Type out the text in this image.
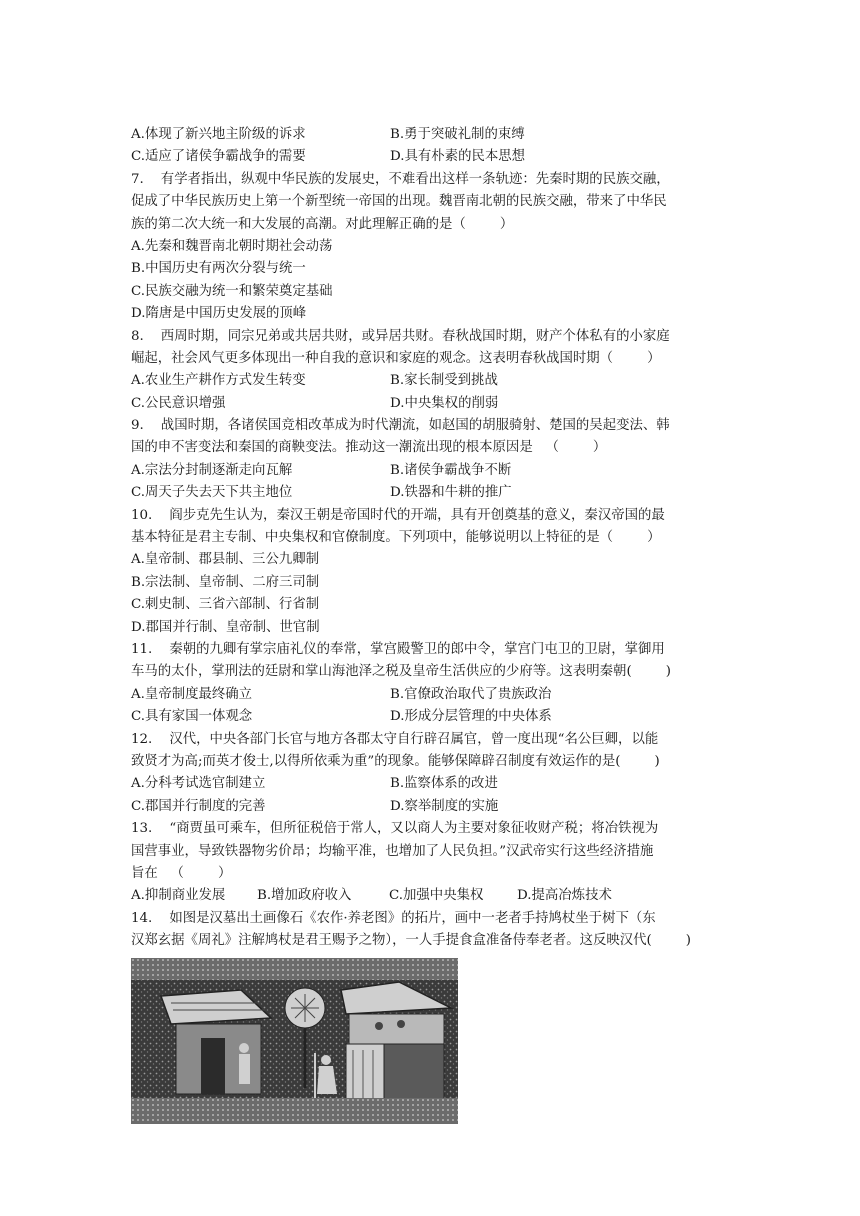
A.体现了新兴地主阶级的诉求	B.勇于突破礼制的束缚
C.适应了诸侯争霸战争的需要	D.具有朴素的民本思想
7.    有学者指出，纵观中华民族的发展史，不难看出这样一条轨迹：先秦时期的民族交融，
促成了中华民族历史上第一个新型统一帝国的出现。魏晋南北朝的民族交融，带来了中华民
族的第二次大统一和大发展的高潮。对此理解正确的是（        ）
A.先秦和魏晋南北朝时期社会动荡
B.中国历史有两次分裂与统一
C.民族交融为统一和繁荣奠定基础
D.隋唐是中国历史发展的顶峰
8.    西周时期，同宗兄弟或共居共财，或异居共财。春秋战国时期，财产个体私有的小家庭
崛起，社会风气更多体现出一种自我的意识和家庭的观念。这表明春秋战国时期（        ）
A.农业生产耕作方式发生转变	B.家长制受到挑战
C.公民意识增强	D.中央集权的削弱
9.    战国时期，各诸侯国竞相改革成为时代潮流，如赵国的胡服骑射、楚国的吴起变法、韩
国的申不害变法和秦国的商鞅变法。推动这一潮流出现的根本原因是   （        ）
A.宗法分封制逐渐走向瓦解	B.诸侯争霸战争不断
C.周天子失去天下共主地位	D.铁器和牛耕的推广
10.    阎步克先生认为，秦汉王朝是帝国时代的开端，具有开创奠基的意义，秦汉帝国的最
基本特征是君主专制、中央集权和官僚制度。下列项中，能够说明以上特征的是（        ）
A.皇帝制、郡县制、三公九卿制
B.宗法制、皇帝制、二府三司制
C.刺史制、三省六部制、行省制
D.郡国并行制、皇帝制、世官制
11.    秦朝的九卿有掌宗庙礼仪的奉常，掌宫殿警卫的郎中令，掌宫门屯卫的卫尉，掌御用
车马的太仆，掌刑法的廷尉和掌山海池泽之税及皇帝生活供应的少府等。这表明秦朝(        )
A.皇帝制度最终确立	B.官僚政治取代了贵族政治
C.具有家国一体观念	D.形成分层管理的中央体系
12.    汉代，中央各部门长官与地方各郡太守自行辟召属官，曾一度出现“名公巨卿，以能
致贤才为高;而英才俊士,以得所依乘为重”的现象。能够保障辟召制度有效运作的是(        )
A.分科考试选官制建立	B.监察体系的改进
C.郡国并行制度的完善	D.察举制度的实施
13.    “商贾虽可乘车，但所征税倍于常人，又以商人为主要对象征收财产税；将冶铁视为
国营事业，导致铁器物劣价昂；均输平准，也增加了人民负担。”汉武帝实行这些经济措施
旨在   （        ）
A.抑制商业发展	B.增加政府收入	C.加强中央集权	D.提高冶炼技术
14.    如图是汉墓出土画像石《农作·养老图》的拓片，画中一老者手持鸠杖坐于树下（东
汉郑玄据《周礼》注解鸠杖是君王赐予之物），一人手提食盒准备侍奉老者。这反映汉代(        )
